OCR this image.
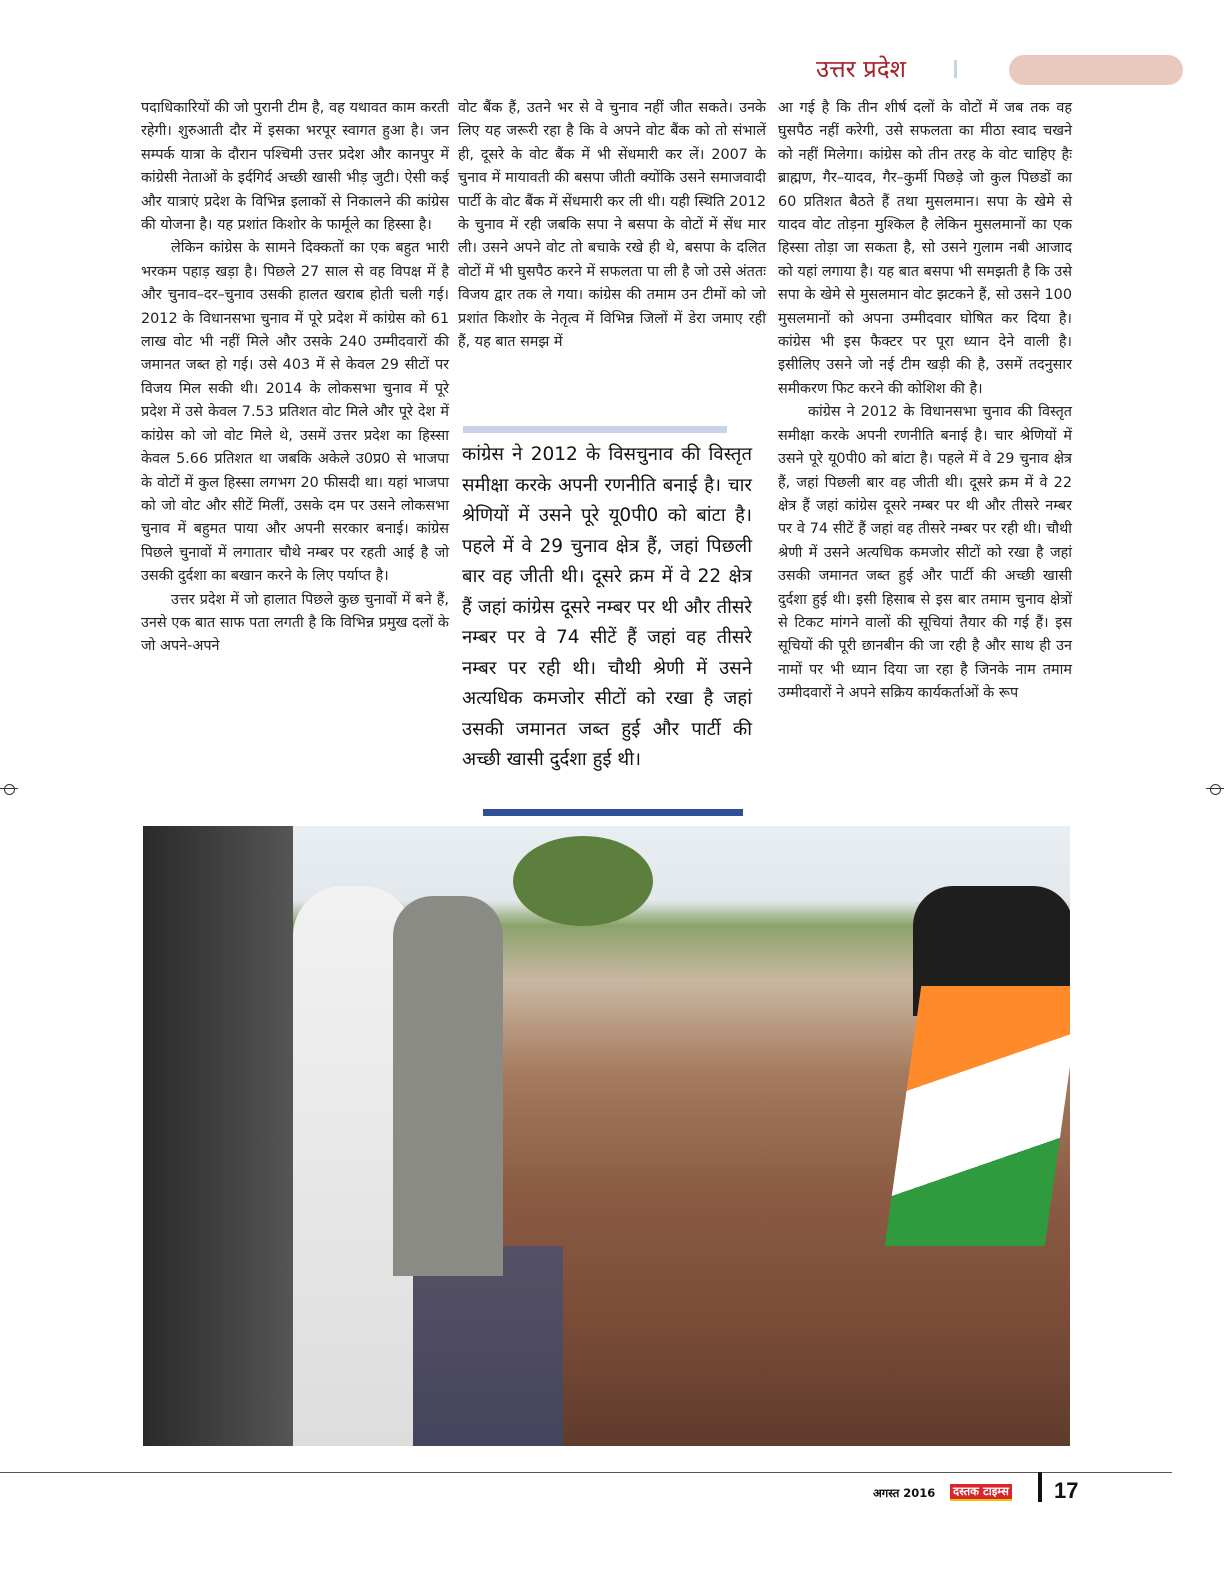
उत्तर प्रदेश

पदाधिकारियों की जो पुरानी टीम है, वह यथावत काम करती रहेगी। शुरुआती दौर में इसका भरपूर स्वागत हुआ है। जन सम्पर्क यात्रा के दौरान पश्चिमी उत्तर प्रदेश और कानपुर में कांग्रेसी नेताओं के इर्दगिर्द अच्छी खासी भीड़ जुटी। ऐसी कई और यात्राएं प्रदेश के विभिन्न इलाकों से निकालने की कांग्रेस की योजना है। यह प्रशांत किशोर के फार्मूले का हिस्सा है।

लेकिन कांग्रेस के सामने दिक्कतों का एक बहुत भारी भरकम पहाड़ खड़ा है। पिछले 27 साल से वह विपक्ष में है और चुनाव–दर–चुनाव उसकी हालत खराब होती चली गई। 2012 के विधानसभा चुनाव में पूरे प्रदेश में कांग्रेस को 61 लाख वोट भी नहीं मिले और उसके 240 उम्मीदवारों की जमानत जब्त हो गई। उसे 403 में से केवल 29 सीटों पर विजय मिल सकी थी। 2014 के लोकसभा चुनाव में पूरे प्रदेश में उसे केवल 7.53 प्रतिशत वोट मिले और पूरे देश में कांग्रेस को जो वोट मिले थे, उसमें उत्तर प्रदेश का हिस्सा केवल 5.66 प्रतिशत था जबकि अकेले उ0प्र0 से भाजपा के वोटों में कुल हिस्सा लगभग 20 फीसदी था। यहां भाजपा को जो वोट और सीटें मिलीं, उसके दम पर उसने लोकसभा चुनाव में बहुमत पाया और अपनी सरकार बनाई। कांग्रेस पिछले चुनावों में लगातार चौथे नम्बर पर रहती आई है जो उसकी दुर्दशा का बखान करने के लिए पर्याप्त है।

उत्तर प्रदेश में जो हालात पिछले कुछ चुनावों में बने हैं, उनसे एक बात साफ पता लगती है कि विभिन्न प्रमुख दलों के जो अपने-अपने

वोट बैंक हैं, उतने भर से वे चुनाव नहीं जीत सकते। उनके लिए यह जरूरी रहा है कि वे अपने वोट बैंक को तो संभालें ही, दूसरे के वोट बैंक में भी सेंधमारी कर लें। 2007 के चुनाव में मायावती की बसपा जीती क्योंकि उसने समाजवादी पार्टी के वोट बैंक में सेंधमारी कर ली थी। यही स्थिति 2012 के चुनाव में रही जबकि सपा ने बसपा के वोटों में सेंध मार ली। उसने अपने वोट तो बचाके रखे ही थे, बसपा के दलित वोटों में भी घुसपैठ करने में सफलता पा ली है जो उसे अंततः विजय द्वार तक ले गया। कांग्रेस की तमाम उन टीमों को जो प्रशांत किशोर के नेतृत्व में विभिन्न जिलों में डेरा जमाए रही हैं, यह बात समझ में

कांग्रेस ने 2012 के विसचुनाव की विस्तृत समीक्षा करके अपनी रणनीति बनाई है। चार श्रेणियों में उसने पूरे यू0पी0 को बांटा है। पहले में वे 29 चुनाव क्षेत्र हैं, जहां पिछली बार वह जीती थी। दूसरे क्रम में वे 22 क्षेत्र हैं जहां कांग्रेस दूसरे नम्बर पर थी और तीसरे नम्बर पर वे 74 सीटें हैं जहां वह तीसरे नम्बर पर रही थी। चौथी श्रेणी में उसने अत्यधिक कमजोर सीटों को रखा है जहां उसकी जमानत जब्त हुई और पार्टी की अच्छी खासी दुर्दशा हुई थी।

आ गई है कि तीन शीर्ष दलों के वोटों में जब तक वह घुसपैठ नहीं करेगी, उसे सफलता का मीठा स्वाद चखने को नहीं मिलेगा। कांग्रेस को तीन तरह के वोट चाहिए हैः ब्राह्मण, गैर–यादव, गैर–कुर्मी पिछड़े जो कुल पिछडों का 60 प्रतिशत बैठते हैं तथा मुसलमान। सपा के खेमे से यादव वोट तोड़ना मुश्किल है लेकिन मुसलमानों का एक हिस्सा तोड़ा जा सकता है, सो उसने गुलाम नबी आजाद को यहां लगाया है। यह बात बसपा भी समझती है कि उसे सपा के खेमे से मुसलमान वोट झटकने हैं, सो उसने 100 मुसलमानों को अपना उम्मीदवार घोषित कर दिया है। कांग्रेस भी इस फैक्टर पर पूरा ध्यान देने वाली है। इसीलिए उसने जो नई टीम खड़ी की है, उसमें तदनुसार समीकरण फिट करने की कोशिश की है।

कांग्रेस ने 2012 के विधानसभा चुनाव की विस्तृत समीक्षा करके अपनी रणनीति बनाई है। चार श्रेणियों में उसने पूरे यू0पी0 को बांटा है। पहले में वे 29 चुनाव क्षेत्र हैं, जहां पिछली बार वह जीती थी। दूसरे क्रम में वे 22 क्षेत्र हैं जहां कांग्रेस दूसरे नम्बर पर थी और तीसरे नम्बर पर वे 74 सीटें हैं जहां वह तीसरे नम्बर पर रही थी। चौथी श्रेणी में उसने अत्यधिक कमजोर सीटों को रखा है जहां उसकी जमानत जब्त हुई और पार्टी की अच्छी खासी दुर्दशा हुई थी। इसी हिसाब से इस बार तमाम चुनाव क्षेत्रों से टिकट मांगने वालों की सूचियां तैयार की गई हैं। इस सूचियों की पूरी छानबीन की जा रही है और साथ ही उन नामों पर भी ध्यान दिया जा रहा है जिनके नाम तमाम उम्मीदवारों ने अपने सक्रिय कार्यकर्ताओं के रूप

अगस्त 2016 दस्तक टाइम्स 17
